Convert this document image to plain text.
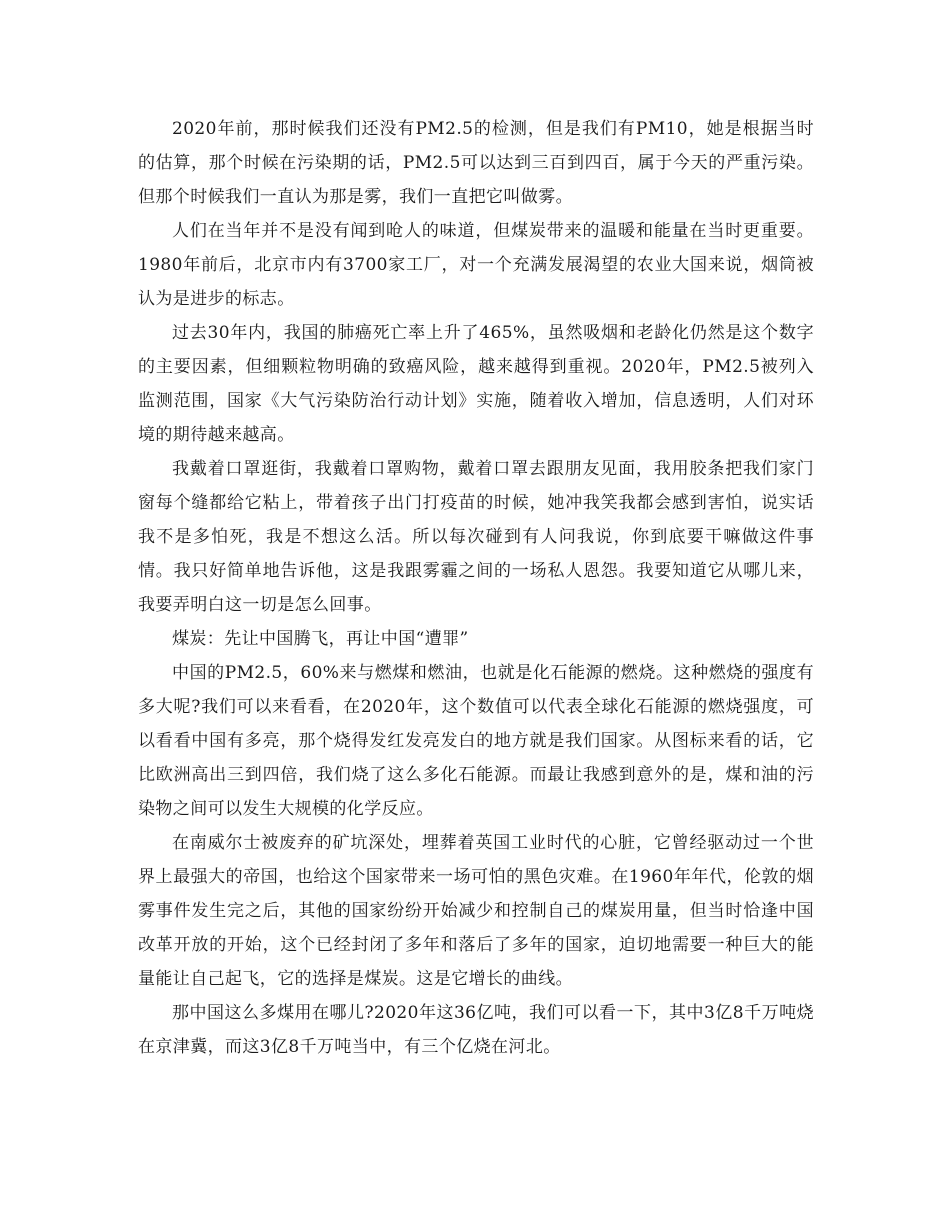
2020年前，那时候我们还没有PM2.5的检测，但是我们有PM10，她是根据当时的估算，那个时候在污染期的话，PM2.5可以达到三百到四百，属于今天的严重污染。但那个时候我们一直认为那是雾，我们一直把它叫做雾。

人们在当年并不是没有闻到呛人的味道，但煤炭带来的温暖和能量在当时更重要。1980年前后，北京市内有3700家工厂，对一个充满发展渴望的农业大国来说，烟筒被认为是进步的标志。

过去30年内，我国的肺癌死亡率上升了465%，虽然吸烟和老龄化仍然是这个数字的主要因素，但细颗粒物明确的致癌风险，越来越得到重视。2020年，PM2.5被列入监测范围，国家《大气污染防治行动计划》实施，随着收入增加，信息透明，人们对环境的期待越来越高。

我戴着口罩逛街，我戴着口罩购物，戴着口罩去跟朋友见面，我用胶条把我们家门窗每个缝都给它粘上，带着孩子出门打疫苗的时候，她冲我笑我都会感到害怕，说实话我不是多怕死，我是不想这么活。所以每次碰到有人问我说，你到底要干嘛做这件事情。我只好简单地告诉他，这是我跟雾霾之间的一场私人恩怨。我要知道它从哪儿来，我要弄明白这一切是怎么回事。

煤炭：先让中国腾飞，再让中国“遭罪”

中国的PM2.5，60%来与燃煤和燃油，也就是化石能源的燃烧。这种燃烧的强度有多大呢?我们可以来看看，在2020年，这个数值可以代表全球化石能源的燃烧强度，可以看看中国有多亮，那个烧得发红发亮发白的地方就是我们国家。从图标来看的话，它比欧洲高出三到四倍，我们烧了这么多化石能源。而最让我感到意外的是，煤和油的污染物之间可以发生大规模的化学反应。

在南威尔士被废弃的矿坑深处，埋葬着英国工业时代的心脏，它曾经驱动过一个世界上最强大的帝国，也给这个国家带来一场可怕的黑色灾难。在1960年年代，伦敦的烟雾事件发生完之后，其他的国家纷纷开始减少和控制自己的煤炭用量，但当时恰逢中国改革开放的开始，这个已经封闭了多年和落后了多年的国家，迫切地需要一种巨大的能量能让自己起飞，它的选择是煤炭。这是它增长的曲线。

那中国这么多煤用在哪儿?2020年这36亿吨，我们可以看一下，其中3亿8千万吨烧在京津冀，而这3亿8千万吨当中，有三个亿烧在河北。
